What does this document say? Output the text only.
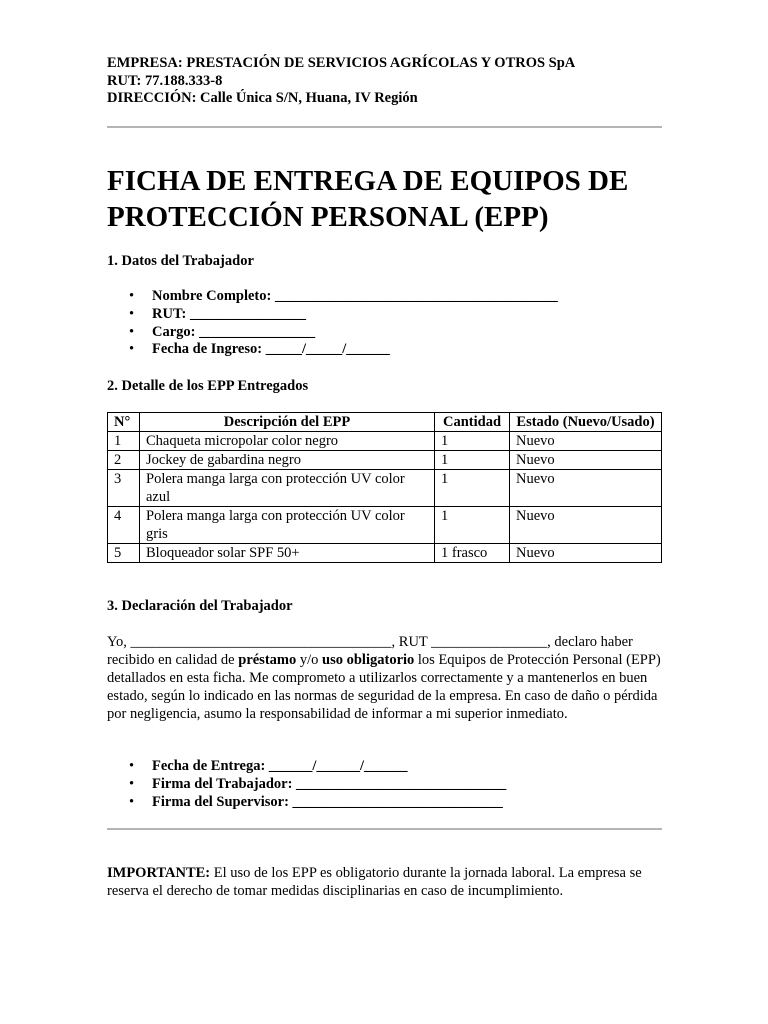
EMPRESA: PRESTACIÓN DE SERVICIOS AGRÍCOLAS Y OTROS SpA
RUT: 77.188.333-8
DIRECCIÓN: Calle Única S/N, Huana, IV Región
FICHA DE ENTREGA DE EQUIPOS DE
PROTECCIÓN PERSONAL (EPP)
1. Datos del Trabajador
• Nombre Completo: _______________________________________
• RUT: ________________
• Cargo: ________________
• Fecha de Ingreso: _____/_____/______
2. Detalle de los EPP Entregados
N°	Descripción del EPP	Cantidad	Estado (Nuevo/Usado)
1	Chaqueta micropolar color negro	1	Nuevo
2	Jockey de gabardina negro	1	Nuevo
3	Polera manga larga con protección UV color azul	1	Nuevo
4	Polera manga larga con protección UV color gris	1	Nuevo
5	Bloqueador solar SPF 50+	1 frasco	Nuevo
3. Declaración del Trabajador

Yo, ____________________________________, RUT ________________, declaro haber recibido en calidad de préstamo y/o uso obligatorio los Equipos de Protección Personal (EPP) detallados en esta ficha. Me comprometo a utilizarlos correctamente y a mantenerlos en buen estado, según lo indicado en las normas de seguridad de la empresa. En caso de daño o pérdida por negligencia, asumo la responsabilidad de informar a mi superior inmediato.

• Fecha de Entrega: ______/______/______
• Firma del Trabajador: _____________________________
• Firma del Supervisor: _____________________________

IMPORTANTE: El uso de los EPP es obligatorio durante la jornada laboral. La empresa se reserva el derecho de tomar medidas disciplinarias en caso de incumplimiento.
